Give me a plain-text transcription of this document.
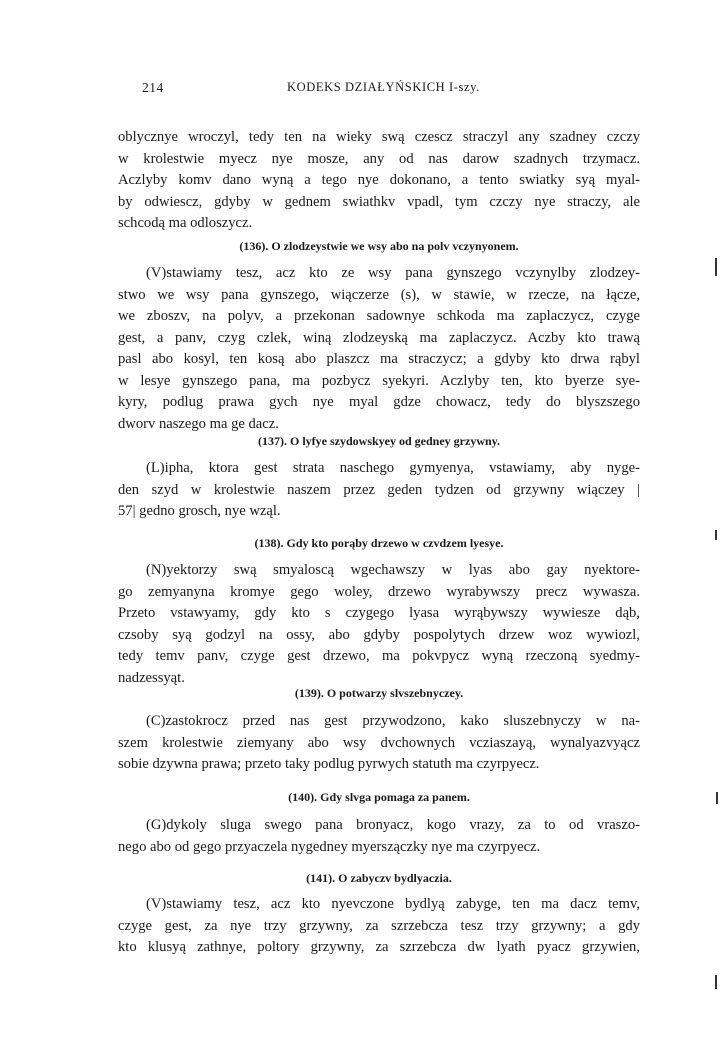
214	KODEKS DZIAŁYŃSKICH I-szy.
oblycznye wroczyl, tedy ten na wieky swą czescz straczyl any szadney czczy
w krolestwie myecz nye mosze, any od nas darow szadnych trzymacz.
Aczlyby komv dano wyną a tego nye dokonano, a tento swiatky syą myal-
by odwiescz, gdyby w gednem swiathkv vpadl, tym czczy nye straczy, ale
schcodą ma odloszycz.
(136). O zlodzeystwie we wsy abo na polv vczynyonem.
(V)stawiamy tesz, acz kto ze wsy pana gynszego vczynylby zlodzey-
stwo we wsy pana gynszego, wiączerze (s), w stawie, w rzecze, na łącze,
we zboszv, na polyv, a przekonan sadownye schkoda ma zaplaczycz, czyge
gest, a panv, czyg czlek, winą zlodzeyską ma zaplaczycz. Aczby kto trawą
pasl abo kosyl, ten kosą abo plaszcz ma straczycz; a gdyby kto drwa rąbyl
w lesye gynszego pana, ma pozbycz syekyri. Aczlyby ten, kto byerze sye-
kyry, podlug prawa gych nye myal gdze chowacz, tedy do blyszszego
dworv naszego ma ge dacz.
(137). O lyfye szydowskyey od gedney grzywny.
(L)ipha, ktora gest strata naschego gymyenya, vstawiamy, aby nyge-
den szyd w krolestwie naszem przez geden tydzen od grzywny wiączey |
57| gedno grosch, nye wząl.
(138). Gdy kto porąby drzewo w czvdzem lyesye.
(N)yektorzy swą smyaloscą wgechawszy w lyas abo gay nyektore-
go zemyanyna kromye gego woley, drzewo wyrabywszy precz wywasza.
Przeto vstawyamy, gdy kto s czygego lyasa wyrąbywszy wywiesze dąb,
czsoby syą godzyl na ossy, abo gdyby pospolytych drzew woz wywiozl,
tedy temv panv, czyge gest drzewo, ma pokvpycz wyną rzeczoną syedmy-
nadzessyąt.
(139). O potwarzy slvszebnyczey.
(C)zastokrocz przed nas gest przywodzono, kako sluszebnyczy w na-
szem krolestwie ziemyany abo wsy dvchownych vcziaszayą, wynalyazvyącz
sobie dzywna prawa; przeto taky podlug pyrwych statuth ma czyrpyecz.
(140). Gdy slvga pomaga za panem.
(G)dykoly sluga swego pana bronyacz, kogo vrazy, za to od vraszo-
nego abo od gego przyaczela nygedney myerszączky nye ma czyrpyecz.
(141). O zabyczv bydlyaczia.
(V)stawiamy tesz, acz kto nyevczone bydlyą zabyge, ten ma dacz temv,
czyge gest, za nye trzy grzywny, za szrzebcza tesz trzy grzywny; a gdy
kto klusyą zathnye, poltory grzywny, za szrzebcza dw lyath pyacz grzywien,
